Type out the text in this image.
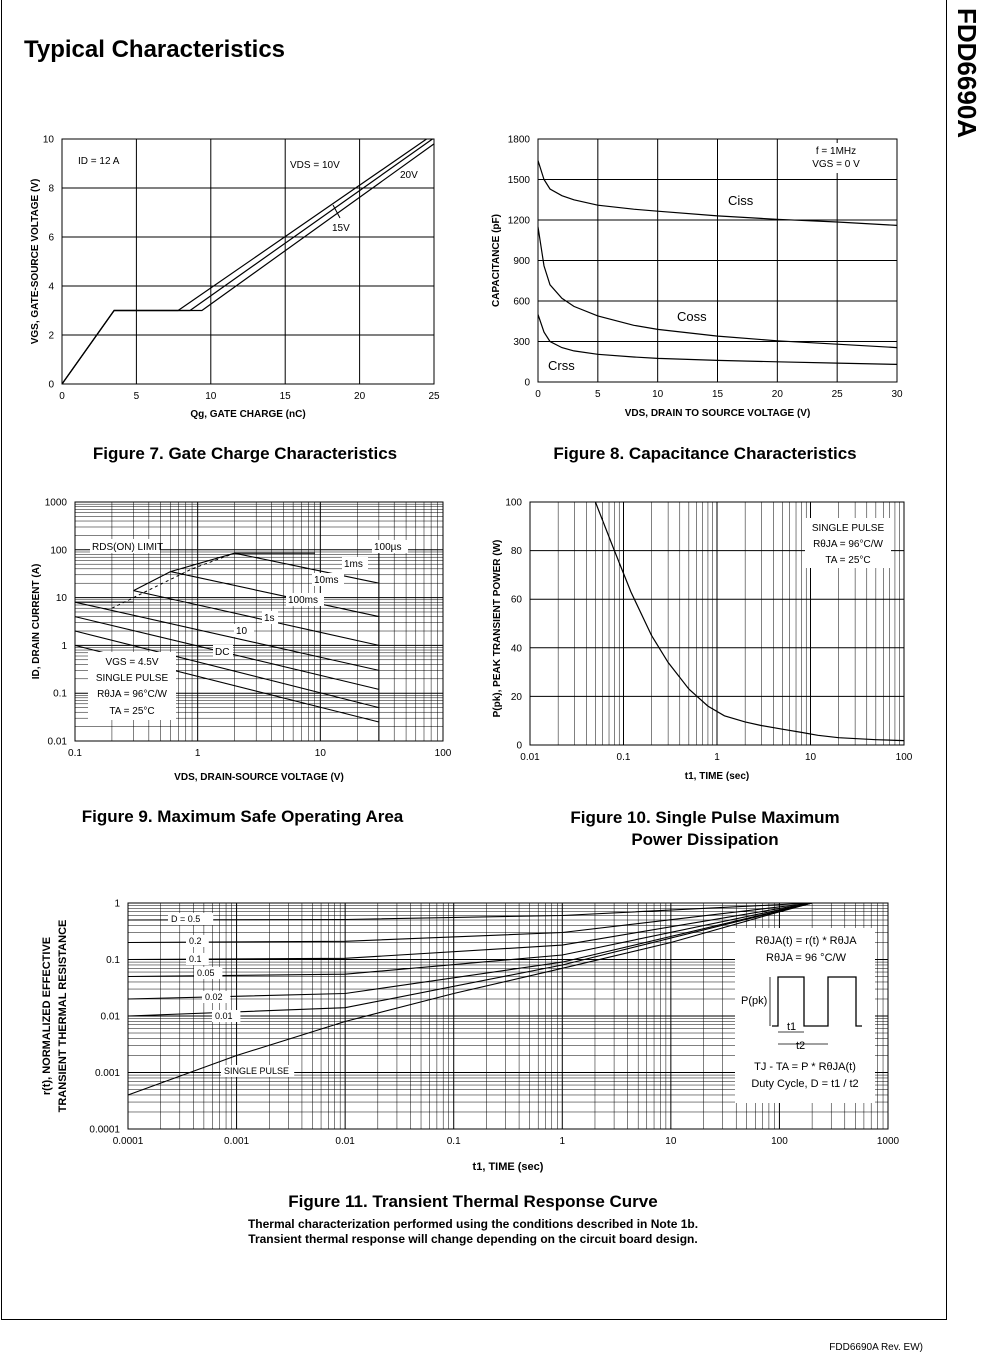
Typical Characteristics	FDD6690A
FDD6690A Rev. EW)
Figure 7. Gate Charge Characteristics	Figure 8. Capacitance Characteristics
Figure 9. Maximum Safe Operating Area	Figure 10. Single Pulse Maximum
Power Dissipation
Figure 11. Transient Thermal Response Curve
Thermal characterization performed using the conditions described in Note 1b.
Transient thermal response will change depending on the circuit board design.
0	5	10	15	20	25
0
2
4
6
8
10
Qg, GATE CHARGE (nC)
VGS, GATE-SOURCE VOLTAGE (V)
ID = 12 A	VDS = 10V
20V
15V
0	5	10	15	20	25	30
0
300
600
900
1200
1500
1800
VDS, DRAIN TO SOURCE VOLTAGE (V)
CAPACITANCE (pF)
f = 1MHz
VGS = 0 V
Ciss
Coss
Crss
0.1	1	10	100
0.01
0.1
1
10
100
1000
VDS, DRAIN-SOURCE VOLTAGE (V)
ID, DRAIN CURRENT (A)
RDS(ON) LIMIT	100µs
1ms
10ms
100ms
1s
10
DC
VGS = 4.5V
SINGLE PULSE
RθJA = 96°C/W
TA = 25°C
0.01	0.1	1	10	100
0
20
40
60
80
100
t1, TIME (sec)
P(pk), PEAK TRANSIENT POWER (W)
SINGLE PULSE
RθJA = 96°C/W
TA = 25°C
0.0001	0.001	0.01	0.1	1	10	100	1000
0.0001
0.001
0.01
0.1
1
t1, TIME (sec)
r(t), NORMALIZED EFFECTIVE TRANSIENT THERMAL RESISTANCE
D = 0.5
0.2
0.1
0.05
0.02
0.01
SINGLE PULSE
RθJA(t) = r(t) * RθJA
RθJA = 96 °C/W
P(pk)
t1
t2
TJ - TA = P * RθJA(t)
Duty Cycle, D = t1 / t2
